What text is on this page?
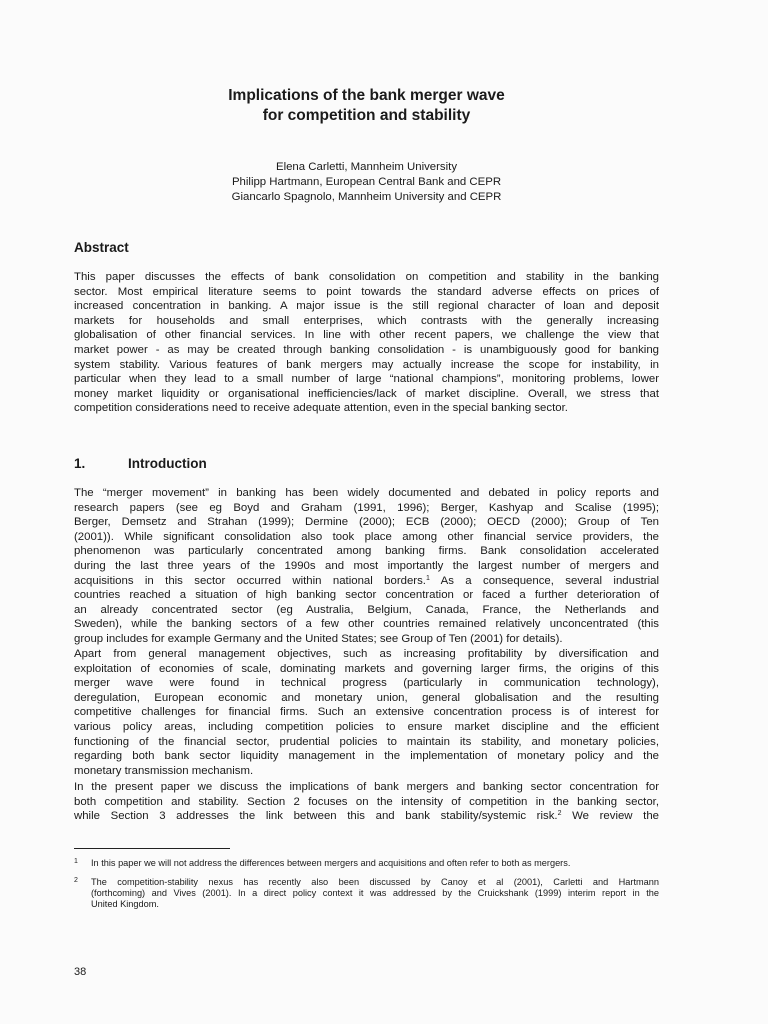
Implications of the bank merger wave
for competition and stability
Elena Carletti, Mannheim University
Philipp Hartmann, European Central Bank and CEPR
Giancarlo Spagnolo, Mannheim University and CEPR
Abstract
This paper discusses the effects of bank consolidation on competition and stability in the banking
sector. Most empirical literature seems to point towards the standard adverse effects on prices of
increased concentration in banking. A major issue is the still regional character of loan and deposit
markets for households and small enterprises, which contrasts with the generally increasing
globalisation of other financial services. In line with other recent papers, we challenge the view that
market power - as may be created through banking consolidation - is unambiguously good for banking
system stability. Various features of bank mergers may actually increase the scope for instability, in
particular when they lead to a small number of large “national champions”, monitoring problems, lower
money market liquidity or organisational inefficiencies/lack of market discipline. Overall, we stress that
competition considerations need to receive adequate attention, even in the special banking sector.
1.	Introduction
The “merger movement” in banking has been widely documented and debated in policy reports and
research papers (see eg Boyd and Graham (1991, 1996); Berger, Kashyap and Scalise (1995);
Berger, Demsetz and Strahan (1999); Dermine (2000); ECB (2000); OECD (2000); Group of Ten
(2001)). While significant consolidation also took place among other financial service providers, the
phenomenon was particularly concentrated among banking firms. Bank consolidation accelerated
during the last three years of the 1990s and most importantly the largest number of mergers and
acquisitions in this sector occurred within national borders.$^1$ As a consequence, several industrial
countries reached a situation of high banking sector concentration or faced a further deterioration of
an already concentrated sector (eg Australia, Belgium, Canada, France, the Netherlands and
Sweden), while the banking sectors of a few other countries remained relatively unconcentrated (this
group includes for example Germany and the United States; see Group of Ten (2001) for details).
Apart from general management objectives, such as increasing profitability by diversification and
exploitation of economies of scale, dominating markets and governing larger firms, the origins of this
merger wave were found in technical progress (particularly in communication technology),
deregulation, European economic and monetary union, general globalisation and the resulting
competitive challenges for financial firms. Such an extensive concentration process is of interest for
various policy areas, including competition policies to ensure market discipline and the efficient
functioning of the financial sector, prudential policies to maintain its stability, and monetary policies,
regarding both bank sector liquidity management in the implementation of monetary policy and the
monetary transmission mechanism.
In the present paper we discuss the implications of bank mergers and banking sector concentration for
both competition and stability. Section 2 focuses on the intensity of competition in the banking sector,
while Section 3 addresses the link between this and bank stability/systemic risk.$^2$ We review the
1 In this paper we will not address the differences between mergers and acquisitions and often refer to both as mergers.
2 The competition-stability nexus has recently also been discussed by Canoy et al (2001), Carletti and Hartmann
(forthcoming) and Vives (2001). In a direct policy context it was addressed by the Cruickshank (1999) interim report in the
United Kingdom.
38
